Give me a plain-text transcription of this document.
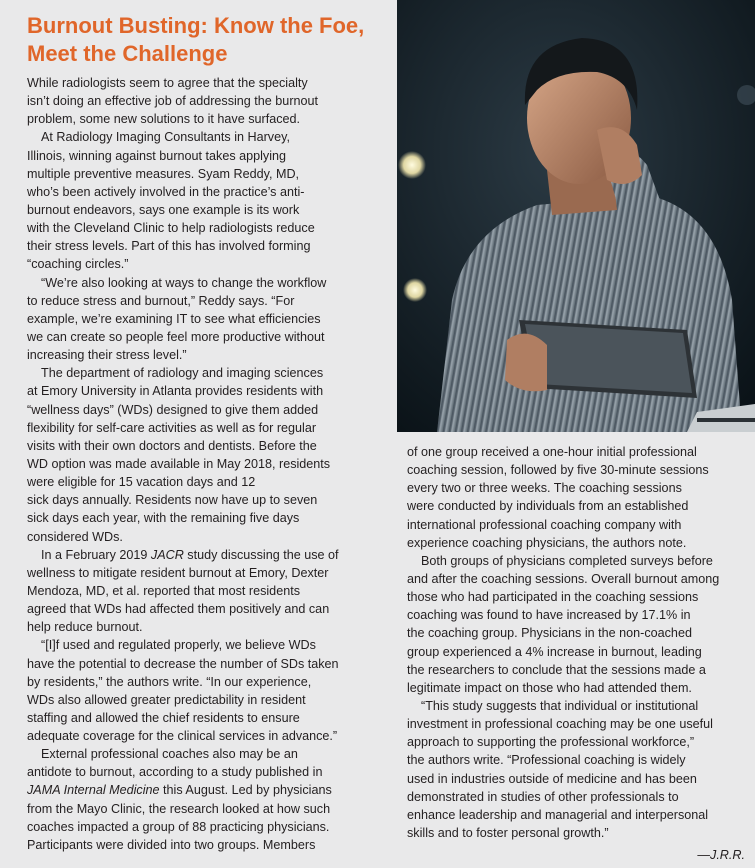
Burnout Busting: Know the Foe,
Meet the Challenge
While radiologists seem to agree that the specialty
isn’t doing an effective job of addressing the burnout
problem, some new solutions to it have surfaced.
At Radiology Imaging Consultants in Harvey,
Illinois, winning against burnout takes applying
multiple preventive measures. Syam Reddy, MD,
who’s been actively involved in the practice’s anti-
burnout endeavors, says one example is its work
with the Cleveland Clinic to help radiologists reduce
their stress levels. Part of this has involved forming
“coaching circles.”
“We’re also looking at ways to change the workflow
to reduce stress and burnout,” Reddy says. “For
example, we’re examining IT to see what efficiencies
we can create so people feel more productive without
increasing their stress level.”
The department of radiology and imaging sciences
at Emory University in Atlanta provides residents with
“wellness days” (WDs) designed to give them added
flexibility for self-care activities as well as for regular
visits with their own doctors and dentists. Before the
WD option was made available in May 2018, residents
were eligible for 15 vacation days and 12
sick days annually. Residents now have up to seven
sick days each year, with the remaining five days
considered WDs.
In a February 2019 JACR study discussing the use of
wellness to mitigate resident burnout at Emory, Dexter
Mendoza, MD, et al. reported that most residents
agreed that WDs had affected them positively and can
help reduce burnout.
“[I]f used and regulated properly, we believe WDs
have the potential to decrease the number of SDs taken
by residents,” the authors write. “In our experience,
WDs also allowed greater predictability in resident
staffing and allowed the chief residents to ensure
adequate coverage for the clinical services in advance.”
External professional coaches also may be an
antidote to burnout, according to a study published in
JAMA Internal Medicine this August. Led by physicians
from the Mayo Clinic, the research looked at how such
coaches impacted a group of 88 practicing physicians.
Participants were divided into two groups. Members
of one group received a one-hour initial professional
coaching session, followed by five 30-minute sessions
every two or three weeks. The coaching sessions
were conducted by individuals from an established
international professional coaching company with
experience coaching physicians, the authors note.
Both groups of physicians completed surveys before
and after the coaching sessions. Overall burnout among
those who had participated in the coaching sessions
coaching was found to have increased by 17.1% in
the coaching group. Physicians in the non-coached
group experienced a 4% increase in burnout, leading
the researchers to conclude that the sessions made a
legitimate impact on those who had attended them.
“This study suggests that individual or institutional
investment in professional coaching may be one useful
approach to supporting the professional workforce,”
the authors write. “Professional coaching is widely
used in industries outside of medicine and has been
demonstrated in studies of other professionals to
enhance leadership and managerial and interpersonal
skills and to foster personal growth.”
—J.R.R.
